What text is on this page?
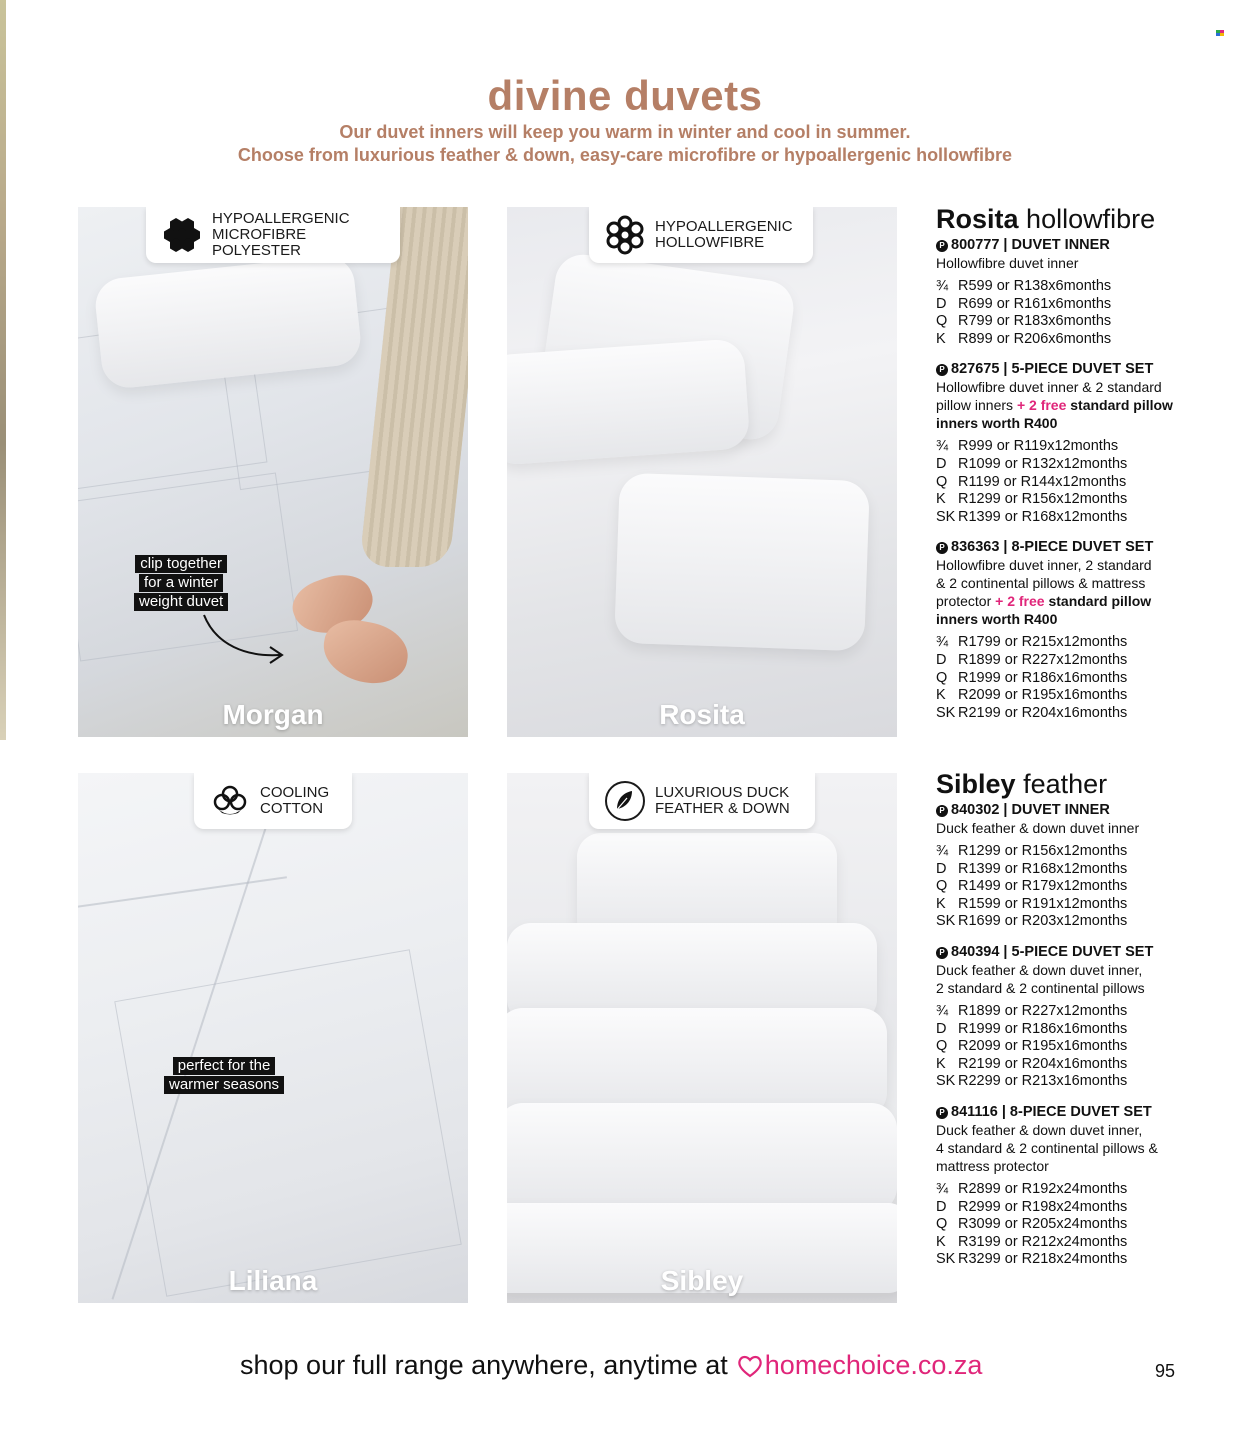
divine duvets

Our duvet inners will keep you warm in winter and cool in summer.

Choose from luxurious feather & down, easy-care microfibre or hypoallergenic hollowfibre

HYPOALLERGENIC
MICROFIBRE POLYESTER
clip together
for a winter
weight duvet
Morgan
HYPOALLERGENIC
HOLLOWFIBRE
Rosita
COOLING
COTTON
perfect for the
warmer seasons
Liliana
LUXURIOUS DUCK
FEATHER & DOWN
Sibley
Rosita hollowfibre
P 800777 | DUVET INNER
Hollowfibre duvet inner
¾ R599 or R138x6months
D R699 or R161x6months
Q R799 or R183x6months
K R899 or R206x6months
P 827675 | 5-PIECE DUVET SET
Hollowfibre duvet inner & 2 standard
pillow inners + 2 free standard pillow
inners worth R400
¾ R999 or R119x12months
D R1099 or R132x12months
Q R1199 or R144x12months
K R1299 or R156x12months
SK R1399 or R168x12months
P 836363 | 8-PIECE DUVET SET
Hollowfibre duvet inner, 2 standard
& 2 continental pillows & mattress
protector + 2 free standard pillow
inners worth R400
¾ R1799 or R215x12months
D R1899 or R227x12months
Q R1999 or R186x16months
K R2099 or R195x16months
SK R2199 or R204x16months
Sibley feather
P 840302 | DUVET INNER
Duck feather & down duvet inner
¾ R1299 or R156x12months
D R1399 or R168x12months
Q R1499 or R179x12months
K R1599 or R191x12months
SK R1699 or R203x12months
P 840394 | 5-PIECE DUVET SET
Duck feather & down duvet inner,
2 standard & 2 continental pillows
¾ R1899 or R227x12months
D R1999 or R186x16months
Q R2099 or R195x16months
K R2199 or R204x16months
SK R2299 or R213x16months
P 841116 | 8-PIECE DUVET SET
Duck feather & down duvet inner,
4 standard & 2 continental pillows &
mattress protector
¾ R2899 or R192x24months
D R2999 or R198x24months
Q R3099 or R205x24months
K R3199 or R212x24months
SK R3299 or R218x24months
shop our full range anywhere, anytime at homechoice.co.za	95
